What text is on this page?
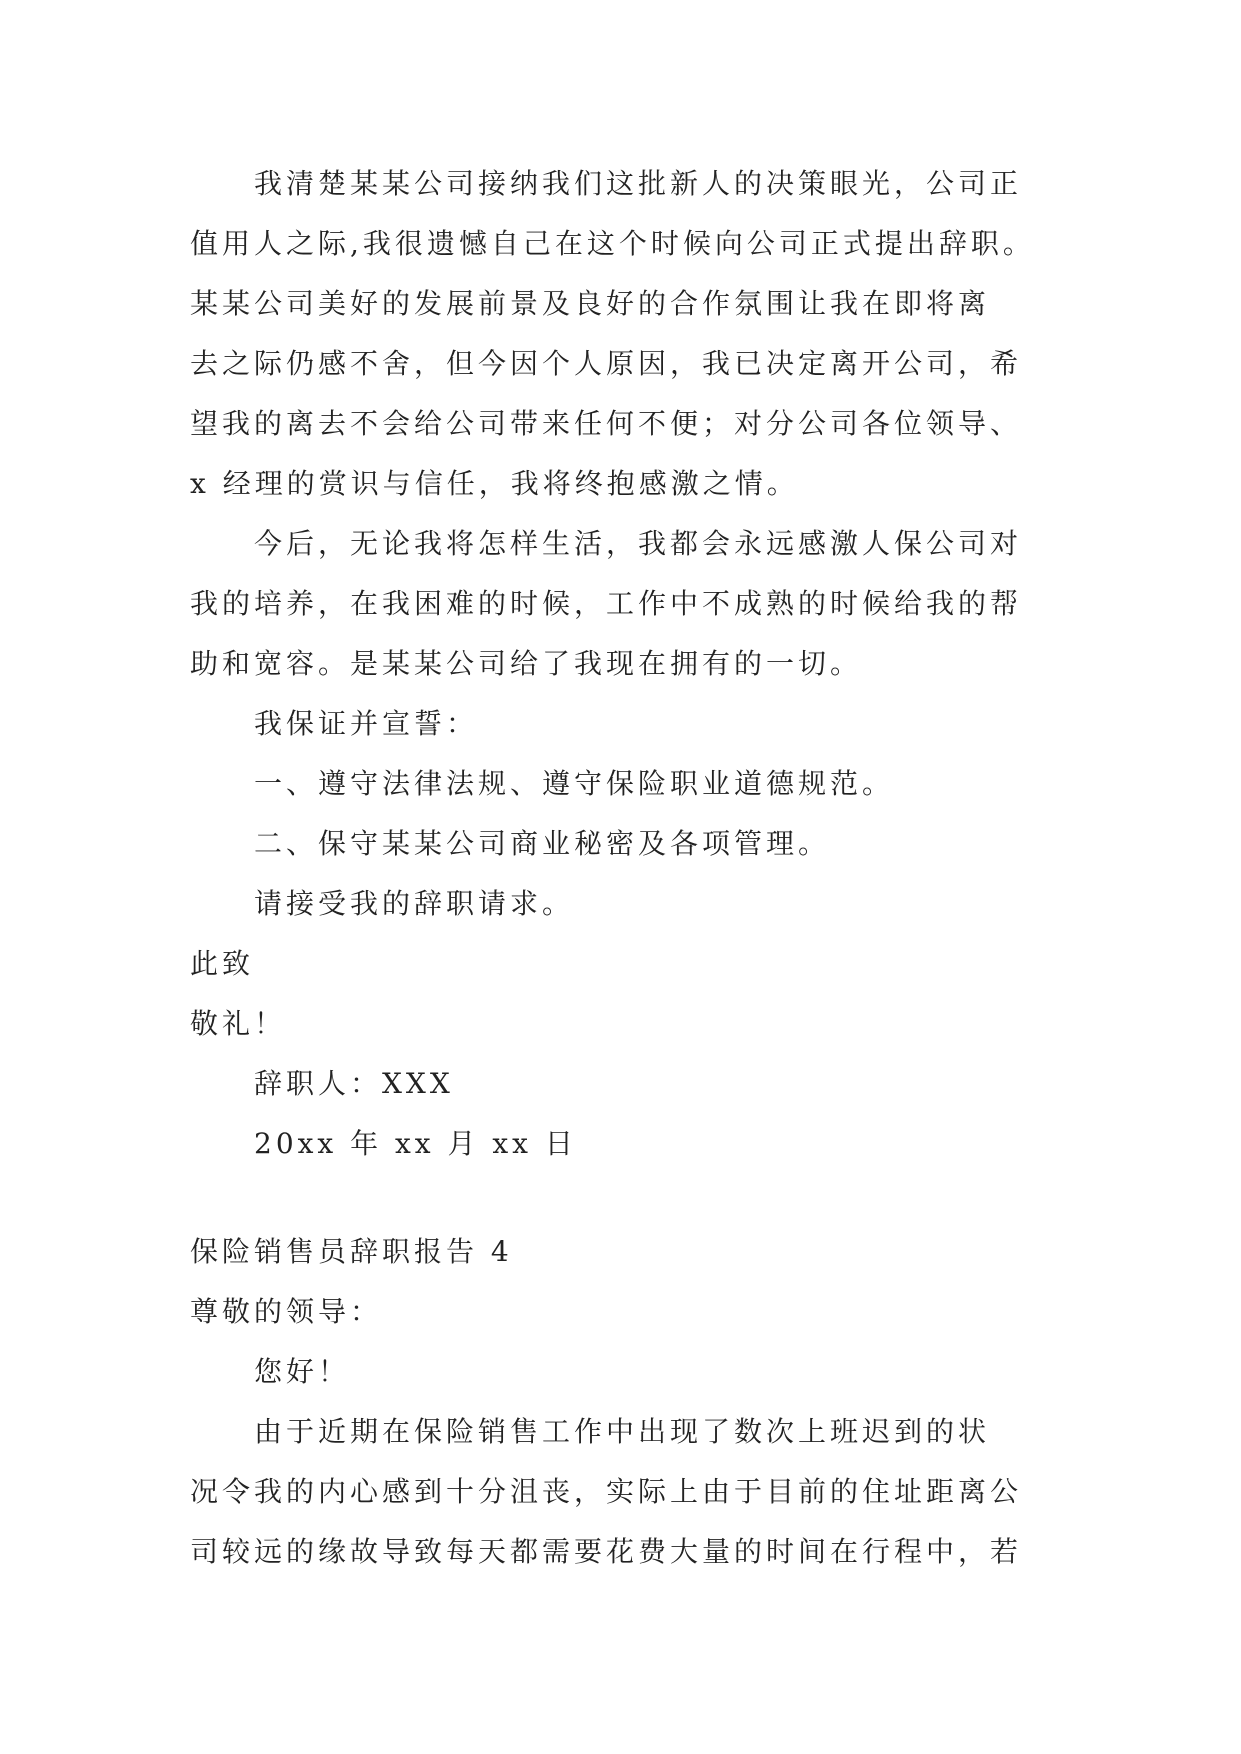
我清楚某某公司接纳我们这批新人的决策眼光，公司正
值用人之际,我很遗憾自己在这个时候向公司正式提出辞职。
某某公司美好的发展前景及良好的合作氛围让我在即将离
去之际仍感不舍，但今因个人原因，我已决定离开公司，希
望我的离去不会给公司带来任何不便；对分公司各位领导、
x 经理的赏识与信任，我将终抱感激之情。
今后，无论我将怎样生活，我都会永远感激人保公司对
我的培养，在我困难的时候，工作中不成熟的时候给我的帮
助和宽容。是某某公司给了我现在拥有的一切。
我保证并宣誓：
一、遵守法律法规、遵守保险职业道德规范。
二、保守某某公司商业秘密及各项管理。
请接受我的辞职请求。
此致
敬礼！
辞职人：XXX
20xx 年 xx 月 xx 日
保险销售员辞职报告 4
尊敬的领导：
您好！
由于近期在保险销售工作中出现了数次上班迟到的状
况令我的内心感到十分沮丧，实际上由于目前的住址距离公
司较远的缘故导致每天都需要花费大量的时间在行程中，若
